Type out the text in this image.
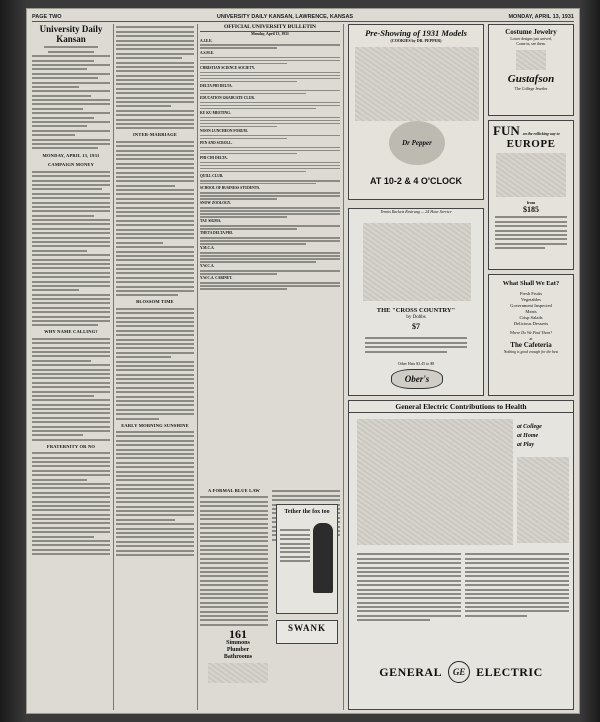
PAGE TWO	UNIVERSITY DAILY KANSAN, LAWRENCE, KANSAS	MONDAY, APRIL 13, 1931
University Daily Kansan
MONDAY, APRIL 13, 1931
CAMPAIGN MONEY
WHY NAME CALLING?
FRATERNITY OR NO
INTER-MARRIAGE
BLOSSOM TIME
EARLY MORNING SUNSHINE
OFFICIAL UNIVERSITY BULLETIN
Monday, April 13, 1931
A.I.E.E.
A.S.M.E.
CHRISTIAN SCIENCE SOCIETY.
DELTA PHI DELTA.
EDUCATION GRADUATE CLUB.
KU KU MEETING.
NOON LUNCHEON FORUM.
PEN AND SCROLL.
PHI CHI DELTA.
QUILL CLUB.
SCHOOL OF BUSINESS STUDENTS.
SNOW ZOOLOGY.
TAU SIGMA.
THETA DELTA PHI.
Y.M.C.A.
Y.W.C.A.
Y.W.C.A. CABINET.
A FORMAL BLUE LAW
Tether the fox too
SWANK
161
Simmons
Plumber
Bathrooms
Pre-Showing of 1931 Models
(COOKIES by DR. PEPPER)
Dr Pepper
AT 10-2 & 4 O'CLOCK
Costume Jewelry
Lower designs just arrived,
Come in, see them.
Gustafson
The College Jeweler
FUN on the rollicking way to
EUROPE
from
$185
Tennis Rackets Restrung — 24 Hour Service
THE "CROSS COUNTRY"
by Dobbs
$7
Other Hats $3.45 to $8
Ober's
What Shall We Eat?
Fresh Fruits
Vegetables
Government Inspected
Meats
Crisp Salads
Delicious Desserts
Where Do We Find Them?
at
The Cafeteria
Nothing is good enough for the best
General Electric Contributions to Health
at College
at Home
at Play
GENERAL	GE ELECTRIC
